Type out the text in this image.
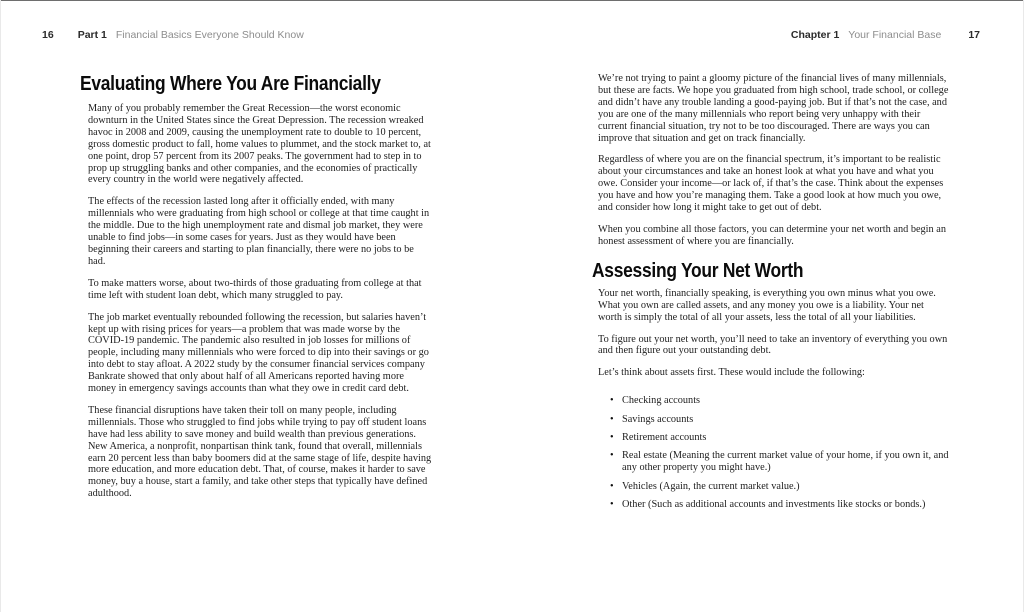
16 Part 1 Financial Basics Everyone Should Know	Chapter 1 Your Financial Base	17
Evaluating Where You Are Financially

Many of you probably remember the Great Recession—the worst economic downturn in the United States since the Great Depression. The recession wreaked havoc in 2008 and 2009, causing the unemployment rate to double to 10 percent, gross domestic product to fall, home values to plummet, and the stock market to, at one point, drop 57 percent from its 2007 peaks. The government had to step in to prop up struggling banks and other companies, and the economies of practically every country in the world were negatively affected.

The effects of the recession lasted long after it officially ended, with many millennials who were graduating from high school or college at that time caught in the middle. Due to the high unemployment rate and dismal job market, they were unable to find jobs—in some cases for years. Just as they would have been beginning their careers and starting to plan financially, there were no jobs to be had.

To make matters worse, about two-thirds of those graduating from college at that time left with student loan debt, which many struggled to pay.

The job market eventually rebounded following the recession, but salaries haven’t kept up with rising prices for years—a problem that was made worse by the COVID-19 pandemic. The pandemic also resulted in job losses for millions of people, including many millennials who were forced to dip into their savings or go into debt to stay afloat. A 2022 study by the consumer financial services company Bankrate showed that only about half of all Americans reported having more money in emergency savings accounts than what they owe in credit card debt.

These financial disruptions have taken their toll on many people, including millennials. Those who struggled to find jobs while trying to pay off student loans have had less ability to save money and build wealth than previous generations. New America, a nonprofit, nonpartisan think tank, found that overall, millennials earn 20 percent less than baby boomers did at the same stage of life, despite having more education, and more education debt. That, of course, makes it harder to save money, buy a house, start a family, and take other steps that typically have defined adulthood.

We’re not trying to paint a gloomy picture of the financial lives of many millennials, but these are facts. We hope you graduated from high school, trade school, or college and didn’t have any trouble landing a good-paying job. But if that’s not the case, and you are one of the many millennials who report being very unhappy with their current financial situation, try not to be too discouraged. There are ways you can improve that situation and get on track financially.

Regardless of where you are on the financial spectrum, it’s important to be realistic about your circumstances and take an honest look at what you have and what you owe. Consider your income—or lack of, if that’s the case. Think about the expenses you have and how you’re managing them. Take a good look at how much you owe, and consider how long it might take to get out of debt.

When you combine all those factors, you can determine your net worth and begin an honest assessment of where you are financially.

Assessing Your Net Worth

Your net worth, financially speaking, is everything you own minus what you owe. What you own are called assets, and any money you owe is a liability. Your net worth is simply the total of all your assets, less the total of all your liabilities.

To figure out your net worth, you’ll need to take an inventory of everything you own and then figure out your outstanding debt.

Let’s think about assets first. These would include the following:

• Checking accounts
• Savings accounts
• Retirement accounts
• Real estate (Meaning the current market value of your home, if you own it, and any other property you might have.)
• Vehicles (Again, the current market value.)
• Other (Such as additional accounts and investments like stocks or bonds.)
